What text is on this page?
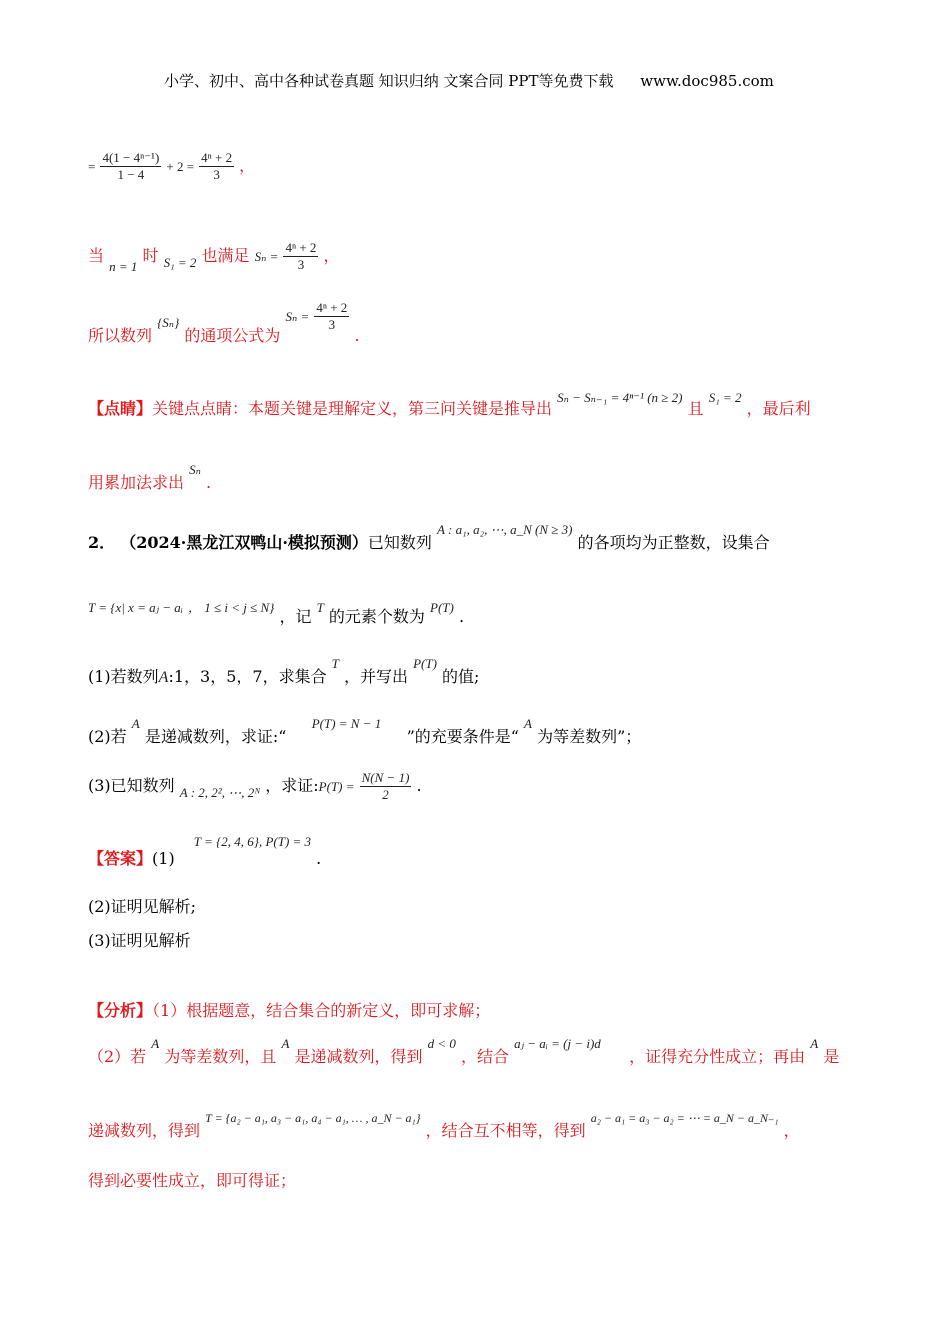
小学、初中、高中各种试卷真题 知识归纳 文案合同 PPT等免费下载 www.doc985.com
= $\frac{\text{4(1 − 4ⁿ⁻¹)}}{1 - 4} + 2 = \frac{\text{4ⁿ + 2}}{3}$ ，
当 $_{n = 1}$ 时 $_{S_1 = 2}$ 也满足 $S_n = \frac{\text{4ⁿ + 2}}{3}$ ，
所以数列 $_{\{S_n\}}$ 的通项公式为 $S_n = \frac{\text{4ⁿ + 2}}{3}$
.
【点睛】关键点点睛：本题关键是理解定义，第三问关键是推导出 Sₙ − Sₙ₋₁ = 4ⁿ⁻¹ (n ≥ 2) 且 S₁ = 2 ，最后利
用累加法求出 Sₙ .
2． （2024·黑龙江双鸭山·模拟预测）已知数列 A : a₁, a₂, ⋯, a_N (N ≥ 3) 的各项均为正整数，设集合
T = {x| x = aⱼ − aᵢ ， 1 ≤ i < j ≤ N} ，记 T 的元素个数为 P(T) .
(1)若数列A:1，3，5，7，求集合 T ，并写出 P(T) 的值;
(2)若 A 是递减数列，求证:“ P(T) = N − 1 ”的充要条件是“ A 为等差数列”；
(3)已知数列 $_{A : 2, 2^2, \cdots, 2ᴺ}$ ，求证:P(T) = $\frac{N(N - 1)}{2}$ .
【答案】(1) T = {2, 4, 6}, P(T) = 3 .
(2)证明见解析;
(3)证明见解析
【分析】（1）根据题意，结合集合的新定义，即可求解；
（2）若 A 为等差数列，且 A 是递减数列，得到 d < 0 ，结合 aⱼ − aᵢ = (j − i)d ，证得充分性成立；再由 A 是
递减数列，得到 T = {a₂ − a₁, a₃ − a₁, a₄ − a₁, … , a_N − a₁} ，结合互不相等，得到 a₂ − a₁ = a₃ − a₂ = ⋯ = a_N − a_N₋₁ ，
得到必要性成立，即可得证；
